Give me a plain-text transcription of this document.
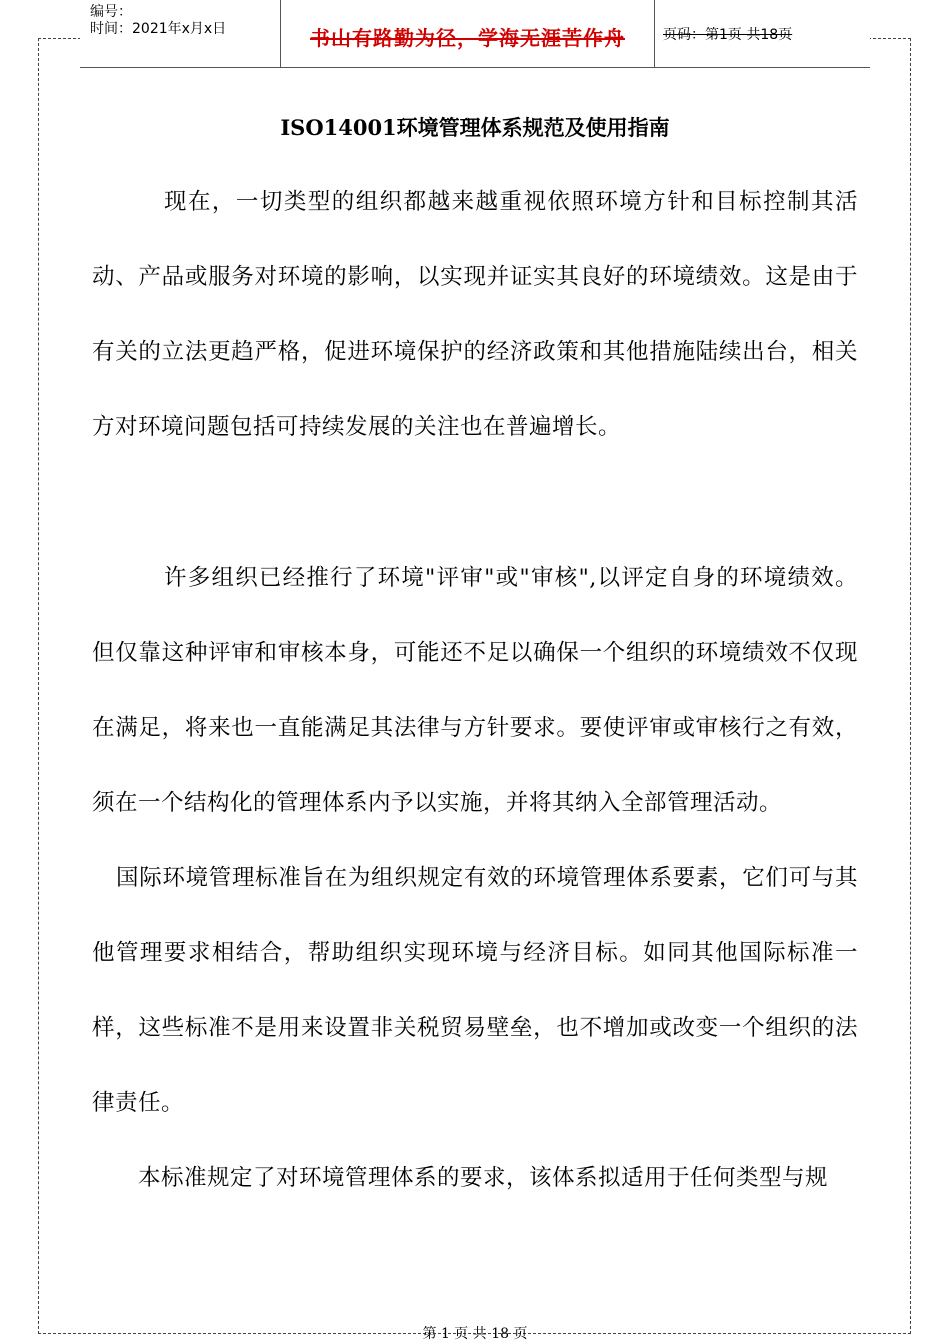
编号：
时间：2021年x月x日	书山有路勤为径，学海无涯苦作舟	页码：第1页 共18页
ISO14001环境管理体系规范及使用指南

现在，一切类型的组织都越来越重视依照环境方针和目标控制其活动、产品或服务对环境的影响，以实现并证实其良好的环境绩效。这是由于有关的立法更趋严格，促进环境保护的经济政策和其他措施陆续出台，相关方对环境问题包括可持续发展的关注也在普遍增长。

许多组织已经推行了环境"评审"或"审核",以评定自身的环境绩效。但仅靠这种评审和审核本身，可能还不足以确保一个组织的环境绩效不仅现在满足，将来也一直能满足其法律与方针要求。要使评审或审核行之有效，须在一个结构化的管理体系内予以实施，并将其纳入全部管理活动。

国际环境管理标准旨在为组织规定有效的环境管理体系要素，它们可与其他管理要求相结合，帮助组织实现环境与经济目标。如同其他国际标准一样，这些标准不是用来设置非关税贸易壁垒，也不增加或改变一个组织的法律责任。

本标准规定了对环境管理体系的要求，该体系拟适用于任何类型与规

第 1 页 共 18 页
